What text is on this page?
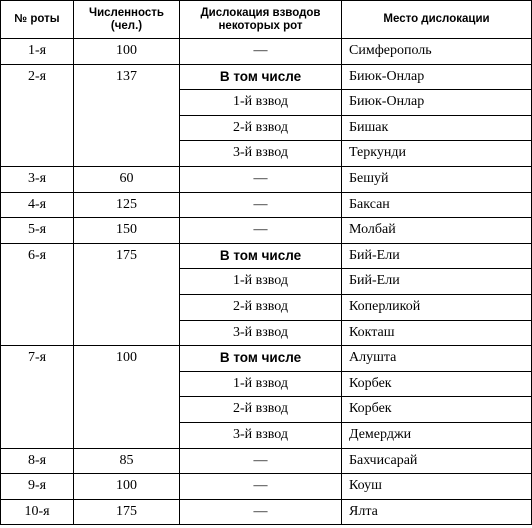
№ роты	Численность (чел.)	Дислокация взводов некоторых рот	Место дислокации
1-я	100	—	Симферополь
2-я	137	В том числе	Биюк-Онлар
		1-й взвод	Биюк-Онлар
		2-й взвод	Бишак
		3-й взвод	Теркунди
3-я	60	—	Бешуй
4-я	125	—	Баксан
5-я	150	—	Молбай
6-я	175	В том числе	Бий-Ели
		1-й взвод	Бий-Ели
		2-й взвод	Коперликой
		3-й взвод	Кокташ
7-я	100	В том числе	Алушта
		1-й взвод	Корбек
		2-й взвод	Корбек
		3-й взвод	Демерджи
8-я	85	—	Бахчисарай
9-я	100	—	Коуш
10-я	175	—	Ялта
